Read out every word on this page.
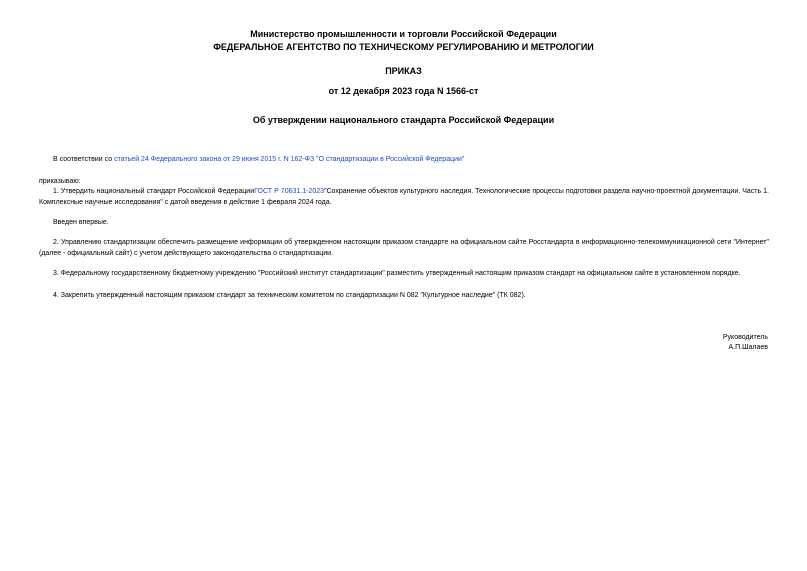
Министерство промышленности и торговли Российской Федерации
ФЕДЕРАЛЬНОЕ АГЕНТСТВО ПО ТЕХНИЧЕСКОМУ РЕГУЛИРОВАНИЮ И МЕТРОЛОГИИ
ПРИКАЗ
от 12 декабря 2023 года N 1566-ст
Об утверждении национального стандарта Российской Федерации
В соответствии со статьей 24 Федерального закона от 29 июня 2015 г. N 162-ФЗ "О стандартизации в Российской Федерации"
приказываю:
1. Утвердить национальный стандарт Российской ФедерацииГОСТ Р 70631.1-2023"Сохранение объектов культурного наследия. Технологические процессы подготовки раздела научно-проектной документации. Часть 1. Комплексные научные исследования" с датой введения в действие 1 февраля 2024 года.
Введен впервые.
2. Управлению стандартизации обеспечить размещение информации об утвержденном настоящим приказом стандарте на официальном сайте Росстандарта в информационно-телекоммуникационной сети "Интернет" (далее - официальный сайт) с учетом действующего законодательства о стандартизации.
3. Федеральному государственному бюджетному учреждению "Российский институт стандартизации" разместить утвержденный настоящим приказом стандарт на официальном сайте в установленном порядке.
4. Закрепить утвержденный настоящим приказом стандарт за техническим комитетом по стандартизации N 082 "Культурное наследие" (ТК 082).
Руководитель
А.П.Шалаев
